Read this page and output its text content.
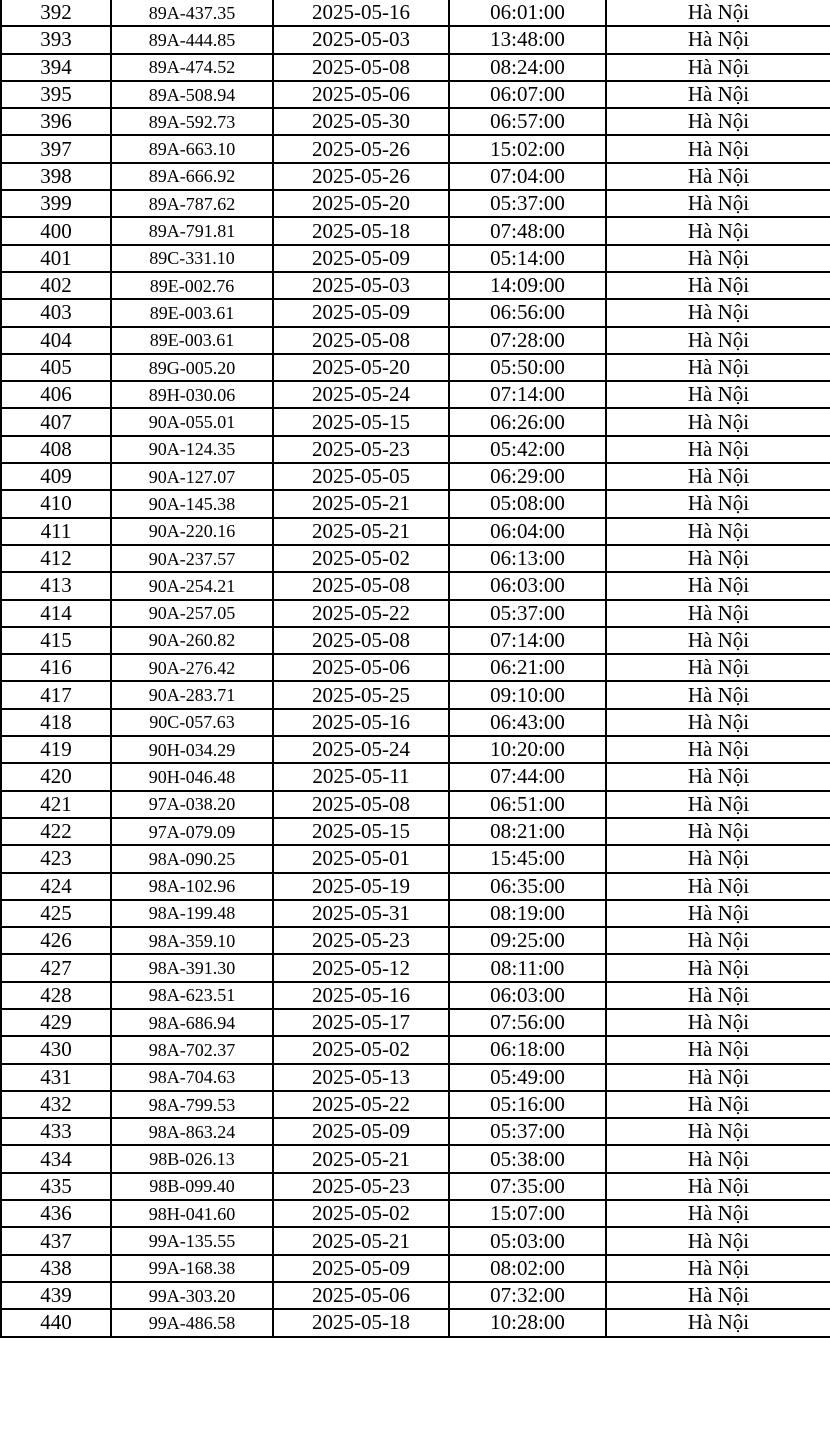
392	89A-437.35	2025-05-16	06:01:00	Hà Nội
393	89A-444.85	2025-05-03	13:48:00	Hà Nội
394	89A-474.52	2025-05-08	08:24:00	Hà Nội
395	89A-508.94	2025-05-06	06:07:00	Hà Nội
396	89A-592.73	2025-05-30	06:57:00	Hà Nội
397	89A-663.10	2025-05-26	15:02:00	Hà Nội
398	89A-666.92	2025-05-26	07:04:00	Hà Nội
399	89A-787.62	2025-05-20	05:37:00	Hà Nội
400	89A-791.81	2025-05-18	07:48:00	Hà Nội
401	89C-331.10	2025-05-09	05:14:00	Hà Nội
402	89E-002.76	2025-05-03	14:09:00	Hà Nội
403	89E-003.61	2025-05-09	06:56:00	Hà Nội
404	89E-003.61	2025-05-08	07:28:00	Hà Nội
405	89G-005.20	2025-05-20	05:50:00	Hà Nội
406	89H-030.06	2025-05-24	07:14:00	Hà Nội
407	90A-055.01	2025-05-15	06:26:00	Hà Nội
408	90A-124.35	2025-05-23	05:42:00	Hà Nội
409	90A-127.07	2025-05-05	06:29:00	Hà Nội
410	90A-145.38	2025-05-21	05:08:00	Hà Nội
411	90A-220.16	2025-05-21	06:04:00	Hà Nội
412	90A-237.57	2025-05-02	06:13:00	Hà Nội
413	90A-254.21	2025-05-08	06:03:00	Hà Nội
414	90A-257.05	2025-05-22	05:37:00	Hà Nội
415	90A-260.82	2025-05-08	07:14:00	Hà Nội
416	90A-276.42	2025-05-06	06:21:00	Hà Nội
417	90A-283.71	2025-05-25	09:10:00	Hà Nội
418	90C-057.63	2025-05-16	06:43:00	Hà Nội
419	90H-034.29	2025-05-24	10:20:00	Hà Nội
420	90H-046.48	2025-05-11	07:44:00	Hà Nội
421	97A-038.20	2025-05-08	06:51:00	Hà Nội
422	97A-079.09	2025-05-15	08:21:00	Hà Nội
423	98A-090.25	2025-05-01	15:45:00	Hà Nội
424	98A-102.96	2025-05-19	06:35:00	Hà Nội
425	98A-199.48	2025-05-31	08:19:00	Hà Nội
426	98A-359.10	2025-05-23	09:25:00	Hà Nội
427	98A-391.30	2025-05-12	08:11:00	Hà Nội
428	98A-623.51	2025-05-16	06:03:00	Hà Nội
429	98A-686.94	2025-05-17	07:56:00	Hà Nội
430	98A-702.37	2025-05-02	06:18:00	Hà Nội
431	98A-704.63	2025-05-13	05:49:00	Hà Nội
432	98A-799.53	2025-05-22	05:16:00	Hà Nội
433	98A-863.24	2025-05-09	05:37:00	Hà Nội
434	98B-026.13	2025-05-21	05:38:00	Hà Nội
435	98B-099.40	2025-05-23	07:35:00	Hà Nội
436	98H-041.60	2025-05-02	15:07:00	Hà Nội
437	99A-135.55	2025-05-21	05:03:00	Hà Nội
438	99A-168.38	2025-05-09	08:02:00	Hà Nội
439	99A-303.20	2025-05-06	07:32:00	Hà Nội
440	99A-486.58	2025-05-18	10:28:00	Hà Nội
